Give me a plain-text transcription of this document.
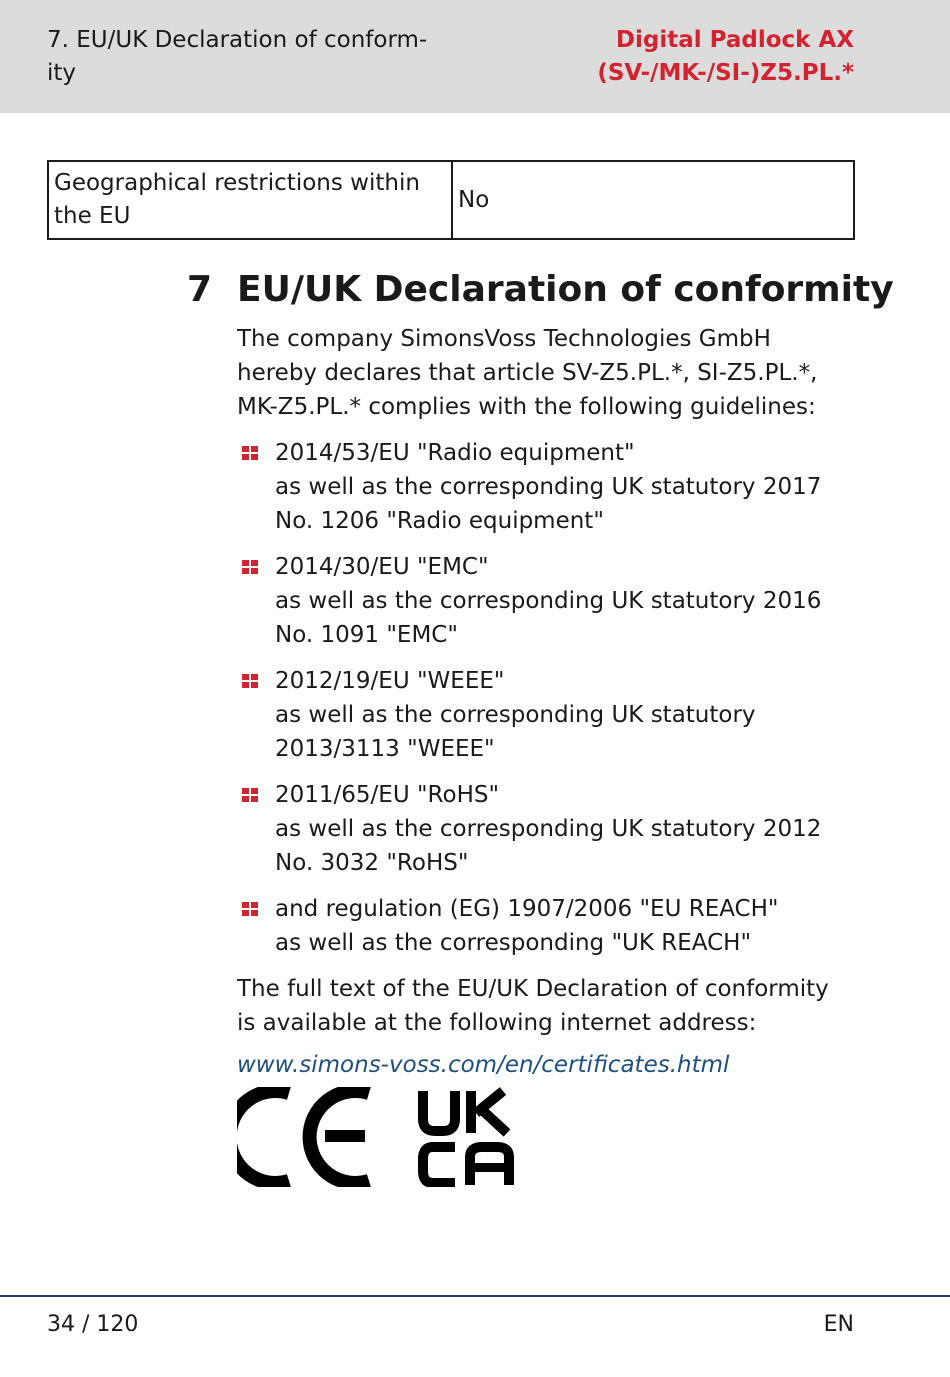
7. EU/UK Declaration of conform-ity
Digital Padlock AX (SV-/MK-/SI-)Z5.PL.*
Geographical restrictions within the EU	No
7 EU/UK Declaration of conformity

The company SimonsVoss Technologies GmbH hereby declares that article SV-Z5.PL.*, SI-Z5.PL.*, MK-Z5.PL.* complies with the following guidelines:

2014/53/EU "Radio equipment"
as well as the corresponding UK statutory 2017 No. 1206 "Radio equipment"
2014/30/EU "EMC"
as well as the corresponding UK statutory 2016 No. 1091 "EMC"
2012/19/EU "WEEE"
as well as the corresponding UK statutory 2013/3113 "WEEE"
2011/65/EU "RoHS"
as well as the corresponding UK statutory 2012 No. 3032 "RoHS"
and regulation (EG) 1907/2006 "EU REACH"
as well as the corresponding "UK REACH"

The full text of the EU/UK Declaration of conformity is available at the following internet address:

www.simons-voss.com/en/certificates.html
34 / 120	EN
